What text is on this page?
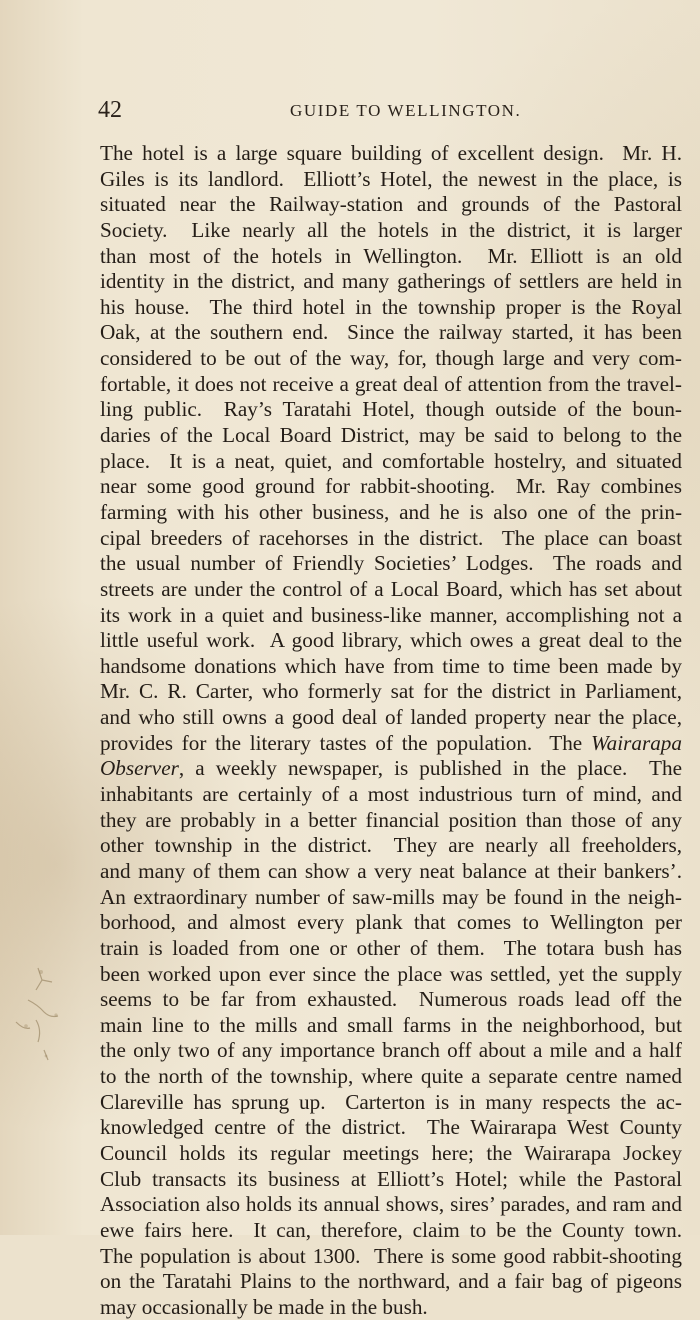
42	GUIDE TO WELLINGTON.
The hotel is a large square building of excellent design.  Mr. H.
Giles is its landlord.  Elliott’s Hotel, the newest in the place, is
situated near the Railway-station and grounds of the Pastoral
Society.  Like nearly all the hotels in the district, it is larger
than most of the hotels in Wellington.  Mr. Elliott is an old
identity in the district, and many gatherings of settlers are held in
his house.  The third hotel in the township proper is the Royal
Oak, at the southern end.  Since the railway started, it has been
considered to be out of the way, for, though large and very com-
fortable, it does not receive a great deal of attention from the travel-
ling public.  Ray’s Taratahi Hotel, though outside of the boun-
daries of the Local Board District, may be said to belong to the
place.  It is a neat, quiet, and comfortable hostelry, and situated
near some good ground for rabbit-shooting.  Mr. Ray combines
farming with his other business, and he is also one of the prin-
cipal breeders of racehorses in the district.  The place can boast
the usual number of Friendly Societies’ Lodges.  The roads and
streets are under the control of a Local Board, which has set about
its work in a quiet and business-like manner, accomplishing not a
little useful work.  A good library, which owes a great deal to the
handsome donations which have from time to time been made by
Mr. C. R. Carter, who formerly sat for the district in Parliament,
and who still owns a good deal of landed property near the place,
provides for the literary tastes of the population.  The Wairarapa
Observer, a weekly newspaper, is published in the place.  The
inhabitants are certainly of a most industrious turn of mind, and
they are probably in a better financial position than those of any
other township in the district.  They are nearly all freeholders,
and many of them can show a very neat balance at their bankers’.
An extraordinary number of saw-mills may be found in the neigh-
borhood, and almost every plank that comes to Wellington per
train is loaded from one or other of them.  The totara bush has
been worked upon ever since the place was settled, yet the supply
seems to be far from exhausted.  Numerous roads lead off the
main line to the mills and small farms in the neighborhood, but
the only two of any importance branch off about a mile and a half
to the north of the township, where quite a separate centre named
Clareville has sprung up.  Carterton is in many respects the ac-
knowledged centre of the district.  The Wairarapa West County
Council holds its regular meetings here; the Wairarapa Jockey
Club transacts its business at Elliott’s Hotel; while the Pastoral
Association also holds its annual shows, sires’ parades, and ram and
ewe fairs here.  It can, therefore, claim to be the County town.
The population is about 1300.  There is some good rabbit-shooting
on the Taratahi Plains to the northward, and a fair bag of pigeons
may occasionally be made in the bush.
